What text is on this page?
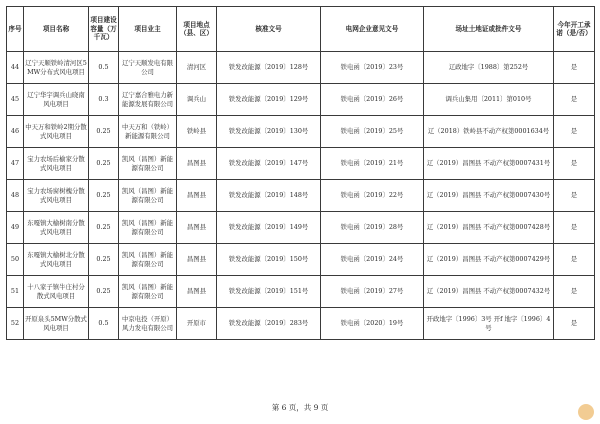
序号	项目名称	项目建设容量（万千瓦）	项目业主	项目地点（县、区）	核准文号	电网企业意见文号	场址土地证或批件文号	今年开工承诺（是/否）
44	辽宁天顺铁岭清河区5MW分布式风电项目	0.5	辽宁天顺发电有限公司	清河区	铁发改能源〔2019〕128号	铁电函〔2019〕23号	辽政地字〔1988〕第252号	是
45	辽宁华宇调兵山晓南风电项目	0.3	辽宁嘉合雅电力新能源发展有限公司	调兵山	铁发改能源〔2019〕129号	铁电函〔2019〕26号	调兵山集用〔2011〕第010号	是
46	中天万和铁岭2期分散式风电项目	0.25	中天万和（铁岭）新能源有限公司	铁岭县	铁发改能源〔2019〕130号	铁电函〔2019〕25号	辽（2018）铁岭县不动产权第0001634号	是
47	宝力农场后榆家分散式风电项目	0.25	凯风（昌图）新能源有限公司	昌图县	铁发改能源〔2019〕147号	铁电函〔2019〕21号	辽（2019）昌图县 不动产权第0007431号	是
48	宝力农场窗树槐分散式风电项目	0.25	凯风（昌图）新能源有限公司	昌图县	铁发改能源〔2019〕148号	铁电函〔2019〕22号	辽（2019）昌图县 不动产权第0007430号	是
49	东嘎镇大榆树南分散式风电项目	0.25	凯风（昌图）新能源有限公司	昌图县	铁发改能源〔2019〕149号	铁电函〔2019〕28号	辽（2019）昌图县 不动产权第0007428号	是
50	东嘎镇大榆树北分散式风电项目	0.25	凯风（昌图）新能源有限公司	昌图县	铁发改能源〔2019〕150号	铁电函〔2019〕24号	辽（2019）昌图县 不动产权第0007429号	是
51	十八家子镇牛庄村分散式风电项目	0.25	凯风（昌图）新能源有限公司	昌图县	铁发改能源〔2019〕151号	铁电函〔2019〕27号	辽（2019）昌图县 不动产权第0007432号	是
52	开原泉头5MW分散式风电项目	0.5	中京电投（开原）风力发电有限公司	开原市	铁发改能源〔2019〕283号	铁电函〔2020〕19号	开政地字〔1996〕3号 开f 地字〔1996〕4号	是
第 6 页，共 9 页
